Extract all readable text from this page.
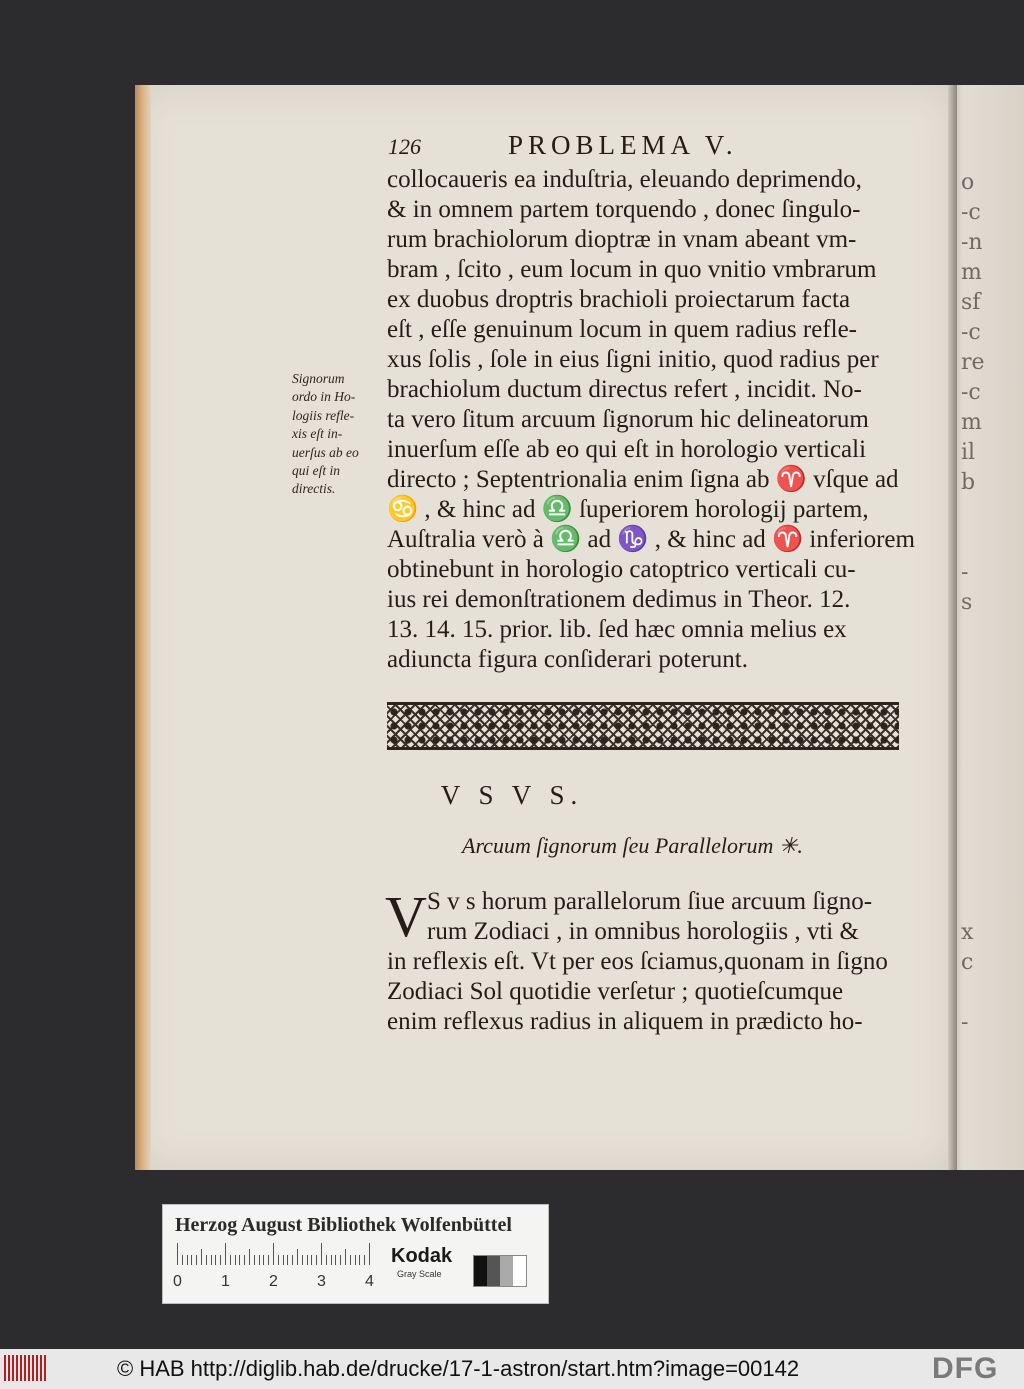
o
-c
-n
m
sf
-c
re
-c
m
il
b
-
s
x
c
-
126	PROBLEMA V.
collocaueris ea induſtria, eleuando deprimendo,
& in omnem partem torquendo , donec ſingulo-
rum brachiolorum dioptræ in vnam abeant vm-
bram , ſcito , eum locum in quo vnitio vmbrarum
ex duobus droptris brachioli proiectarum facta
eſt , eſſe genuinum locum in quem radius refle-
xus ſolis , ſole in eius ſigni initio, quod radius per
brachiolum ductum directus refert , incidit. No-
ta vero ſitum arcuum ſignorum hic delineatorum
inuerſum eſſe ab eo qui eſt in horologio verticali
directo ; Septentrionalia enim ſigna ab ♈ vſque ad
♋ , & hinc ad ♎ ſuperiorem horologij partem,
Auſtralia verò à ♎ ad ♑ , & hinc ad ♈ inferiorem
obtinebunt in horologio catoptrico verticali cu-
ius rei demonſtrationem dedimus in Theor. 12.
13. 14. 15. prior. lib. ſed hæc omnia melius ex
adiuncta figura conſiderari poterunt.
Signorum
ordo in Ho-
logiis refle-
xis eſt in-
uerſus ab eo
qui eſt in
directis.
V S V S.
Arcuum ſignorum ſeu Parallelorum ✳.
V S v s horum parallelorum ſiue arcuum ſigno-
rum Zodiaci , in omnibus horologiis , vti &
in reflexis eſt. Vt per eos ſciamus,quonam in ſigno
Zodiaci Sol quotidie verſetur ; quotieſcumque
enim reflexus radius in aliquem in prædicto ho-
Herzog August Bibliothek Wolfenbüttel
0 1 2 3 4
Kodak
Gray Scale
© HAB http://diglib.hab.de/drucke/17-1-astron/start.htm?image=00142	DFG
